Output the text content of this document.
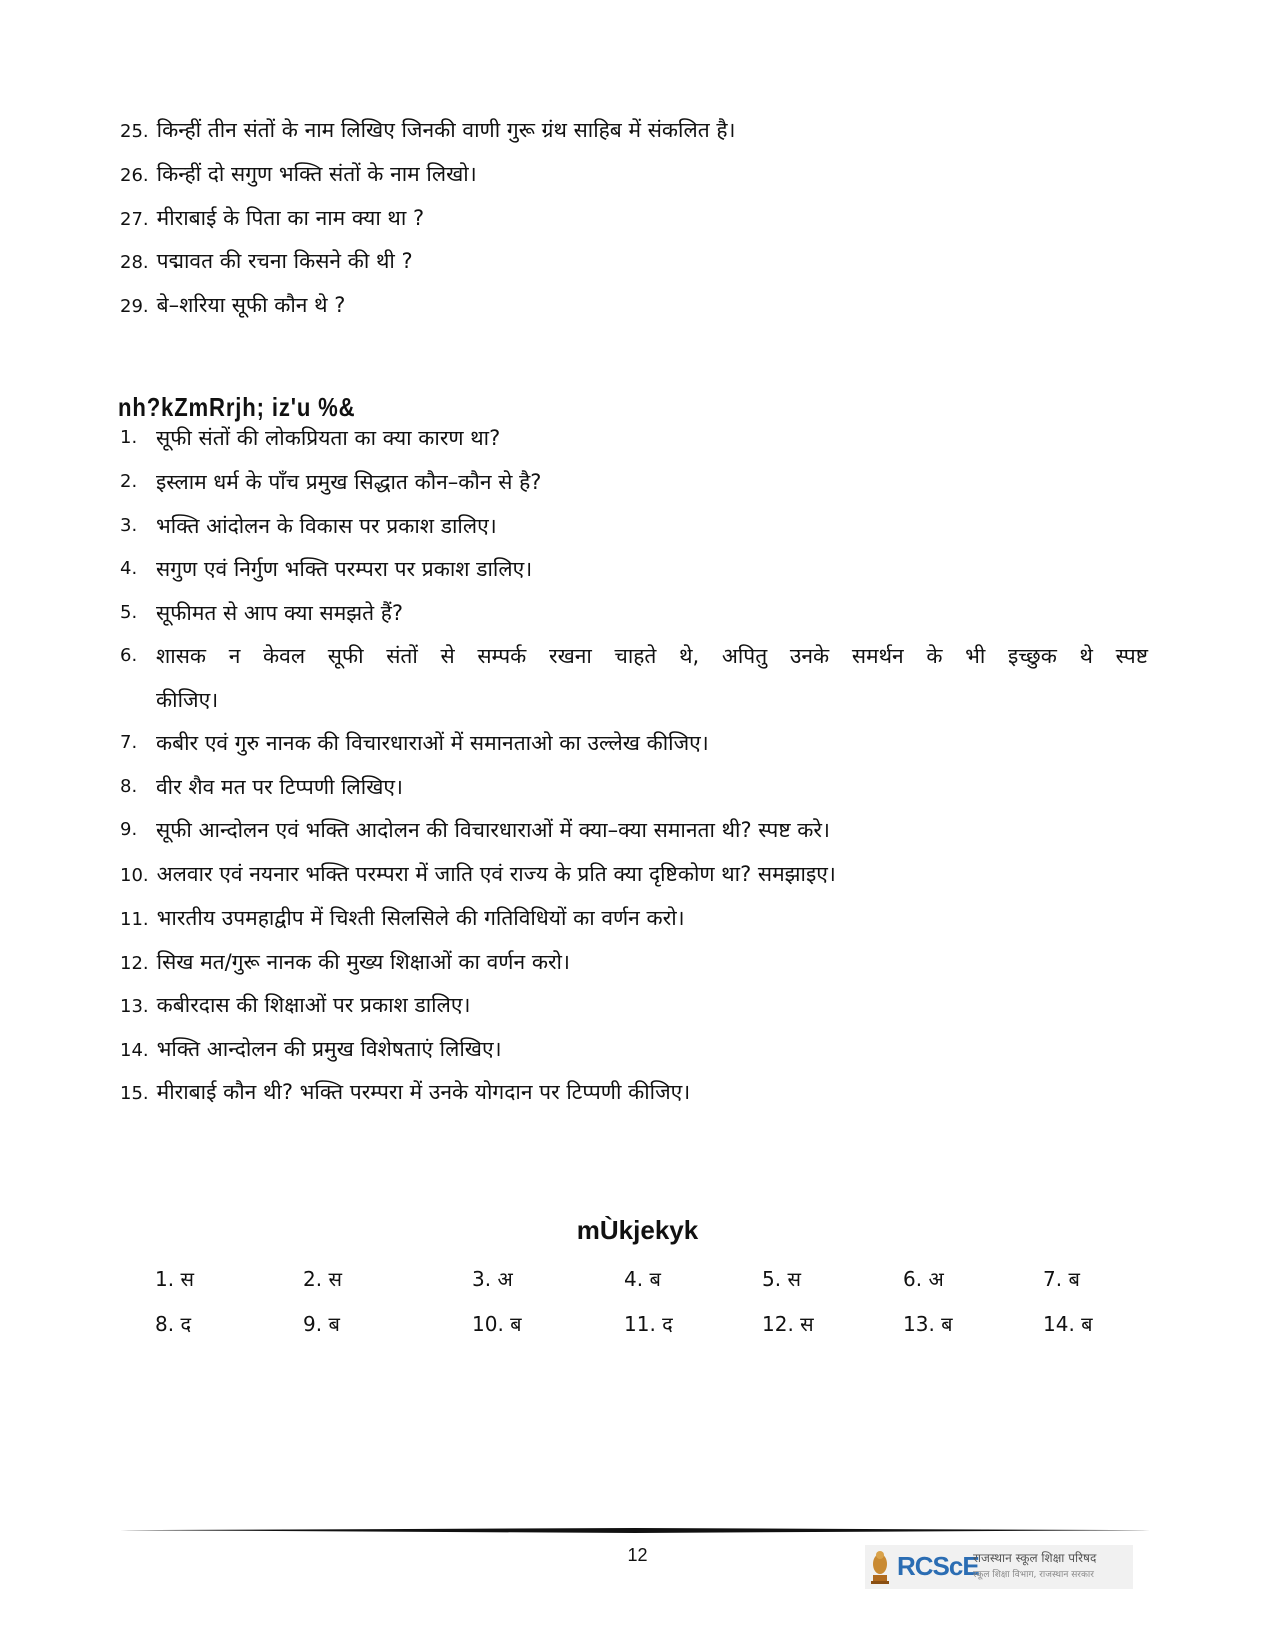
25. किन्हीं तीन संतों के नाम लिखिए जिनकी वाणी गुरू ग्रंथ साहिब में संकलित है।
26. किन्हीं दो सगुण भक्ति संतों के नाम लिखो।
27. मीराबाई के पिता का नाम क्या था ?
28. पद्मावत की रचना किसने की थी ?
29. बे–शरिया सूफी कौन थे ?
nh?kZmRrjh; iz'u %&
1. सूफी संतों की लोकप्रियता का क्या कारण था?
2. इस्लाम धर्म के पाँच प्रमुख सिद्धात कौन–कौन से है?
3. भक्ति आंदोलन के विकास पर प्रकाश डालिए।
4. सगुण एवं निर्गुण भक्ति परम्परा पर प्रकाश डालिए।
5. सूफीमत से आप क्या समझते हैं?
6. शासक न केवल सूफी संतों से सम्पर्क रखना चाहते थे, अपितु उनके समर्थन के भी इच्छुक थे स्पष्ट
कीजिए।
7. कबीर एवं गुरु नानक की विचारधाराओं में समानताओ का उल्लेख कीजिए।
8. वीर शैव मत पर टिप्पणी लिखिए।
9. सूफी आन्दोलन एवं भक्ति आदोलन की विचारधाराओं में क्या–क्या समानता थी? स्पष्ट करे।
10. अलवार एवं नयनार भक्ति परम्परा में जाति एवं राज्य के प्रति क्या दृष्टिकोण था? समझाइए।
11. भारतीय उपमहाद्वीप में चिश्ती सिलसिले की गतिविधियों का वर्णन करो।
12. सिख मत/गुरू नानक की मुख्य शिक्षाओं का वर्णन करो।
13. कबीरदास की शिक्षाओं पर प्रकाश डालिए।
14. भक्ति आन्दोलन की प्रमुख विशेषताएं लिखिए।
15. मीराबाई कौन थी? भक्ति परम्परा में उनके योगदान पर टिप्पणी कीजिए।
mÙkjekyk
1. स	2. स	3. अ	4. ब	5. स	6. अ	7. ब
8. द	9. ब	10. ब	11. द	12. स	13. ब	14. ब
12	RCScE
राजस्थान स्कूल शिक्षा परिषद
स्कूल शिक्षा विभाग, राजस्थान सरकार
